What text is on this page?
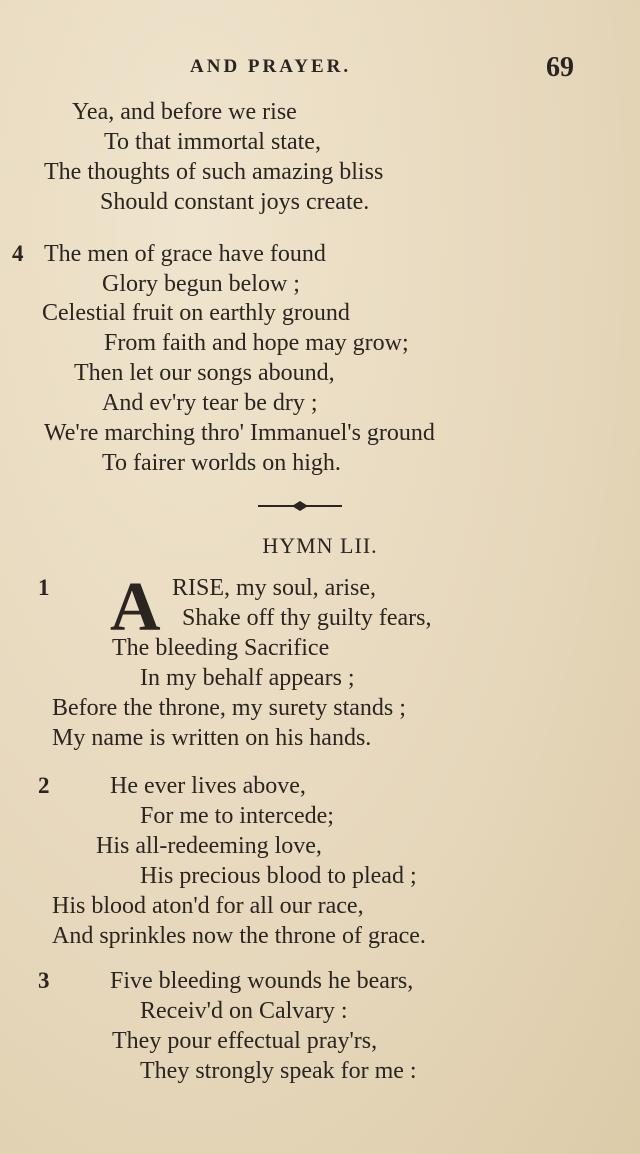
AND PRAYER.	69
Yea, and before we rise
To that immortal state,
The thoughts of such amazing bliss
Should constant joys create.
4 The men of grace have found
Glory begun below ;
Celestial fruit on earthly ground
From faith and hope may grow;
Then let our songs abound,
And ev'ry tear be dry ;
We're marching thro' Immanuel's ground
To fairer worlds on high.
HYMN LII.
1 A RISE, my soul, arise,
Shake off thy guilty fears,
The bleeding Sacrifice
In my behalf appears ;
Before the throne, my surety stands ;
My name is written on his hands.
2	He ever lives above,
For me to intercede;
His all-redeeming love,
His precious blood to plead ;
His blood aton'd for all our race,
And sprinkles now the throne of grace.
3	Five bleeding wounds he bears,
Receiv'd on Calvary :
They pour effectual pray'rs,
They strongly speak for me :
